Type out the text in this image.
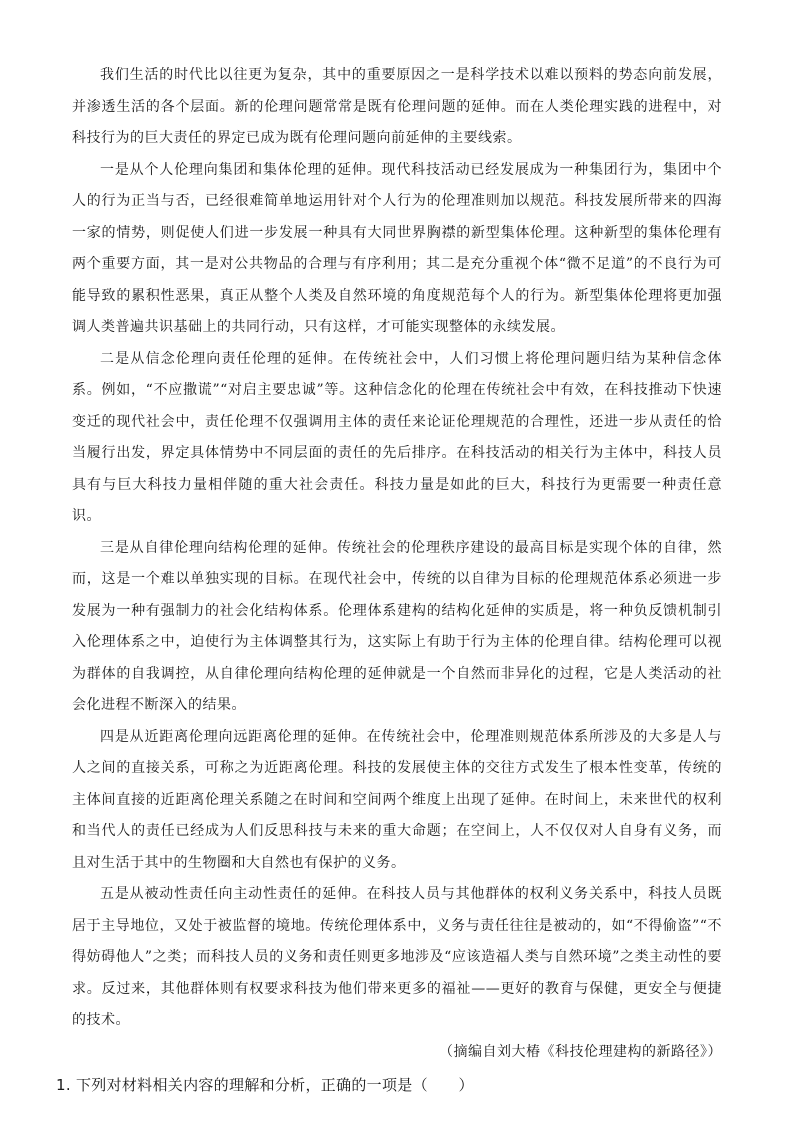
我们生活的时代比以往更为复杂，其中的重要原因之一是科学技术以难以预料的势态向前发展，并渗透生活的各个层面。新的伦理问题常常是既有伦理问题的延伸。而在人类伦理实践的进程中，对科技行为的巨大责任的界定已成为既有伦理问题向前延伸的主要线索。

一是从个人伦理向集团和集体伦理的延伸。现代科技活动已经发展成为一种集团行为，集团中个人的行为正当与否，已经很难简单地运用针对个人行为的伦理准则加以规范。科技发展所带来的四海一家的情势，则促使人们进一步发展一种具有大同世界胸襟的新型集体伦理。这种新型的集体伦理有两个重要方面，其一是对公共物品的合理与有序利用；其二是充分重视个体“微不足道”的不良行为可能导致的累积性恶果，真正从整个人类及自然环境的角度规范每个人的行为。新型集体伦理将更加强调人类普遍共识基础上的共同行动，只有这样，才可能实现整体的永续发展。

二是从信念伦理向责任伦理的延伸。在传统社会中，人们习惯上将伦理问题归结为某种信念体系。例如，“不应撒谎”“对启主要忠诚”等。这种信念化的伦理在传统社会中有效，在科技推动下快速变迁的现代社会中，责任伦理不仅强调用主体的责任来论证伦理规范的合理性，还进一步从责任的恰当履行出发，界定具体情势中不同层面的责任的先后排序。在科技活动的相关行为主体中，科技人员具有与巨大科技力量相伴随的重大社会责任。科技力量是如此的巨大，科技行为更需要一种责任意识。

三是从自律伦理向结构伦理的延伸。传统社会的伦理秩序建设的最高目标是实现个体的自律，然而，这是一个难以单独实现的目标。在现代社会中，传统的以自律为目标的伦理规范体系必须进一步发展为一种有强制力的社会化结构体系。伦理体系建构的结构化延伸的实质是，将一种负反馈机制引入伦理体系之中，迫使行为主体调整其行为，这实际上有助于行为主体的伦理自律。结构伦理可以视为群体的自我调控，从自律伦理向结构伦理的延伸就是一个自然而非异化的过程，它是人类活动的社会化进程不断深入的结果。

四是从近距离伦理向远距离伦理的延伸。在传统社会中，伦理准则规范体系所涉及的大多是人与人之间的直接关系，可称之为近距离伦理。科技的发展使主体的交往方式发生了根本性变革，传统的主体间直接的近距离伦理关系随之在时间和空间两个维度上出现了延伸。在时间上，未来世代的权利和当代人的责任已经成为人们反思科技与未来的重大命题；在空间上，人不仅仅对人自身有义务，而且对生活于其中的生物圈和大自然也有保护的义务。

五是从被动性责任向主动性责任的延伸。在科技人员与其他群体的权利义务关系中，科技人员既居于主导地位，又处于被监督的境地。传统伦理体系中，义务与责任往往是被动的，如“不得偷盗”“不得妨碍他人”之类；而科技人员的义务和责任则更多地涉及“应该造福人类与自然环境”之类主动性的要求。反过来，其他群体则有权要求科技为他们带来更多的福祉——更好的教育与保健，更安全与便捷的技术。

（摘编自刘大椿《科技伦理建构的新路径》）

1. 下列对材料相关内容的理解和分析，正确的一项是（　　）
